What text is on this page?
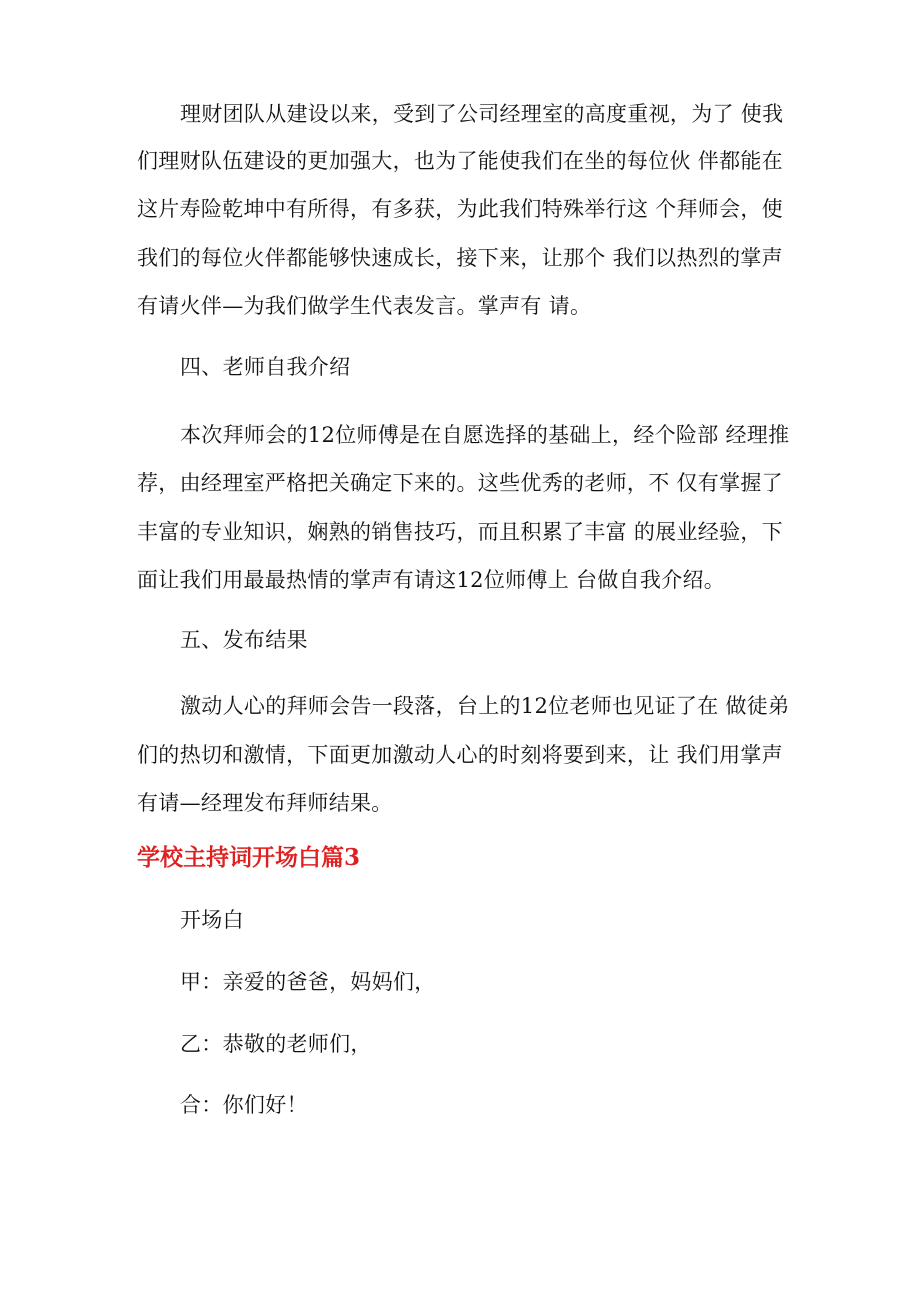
理财团队从建设以来，受到了公司经理室的高度重视，为了 使我
们理财队伍建设的更加强大，也为了能使我们在坐的每位伙 伴都能在
这片寿险乾坤中有所得，有多获，为此我们特殊举行这 个拜师会，使
我们的每位火伴都能够快速成长，接下来，让那个 我们以热烈的掌声
有请火伴—为我们做学生代表发言。掌声有 请。
四、老师自我介绍
本次拜师会的12位师傅是在自愿选择的基础上，经个险部 经理推
荐，由经理室严格把关确定下来的。这些优秀的老师，不 仅有掌握了
丰富的专业知识，娴熟的销售技巧，而且积累了丰富 的展业经验，下
面让我们用最最热情的掌声有请这12位师傅上 台做自我介绍。
五、发布结果
激动人心的拜师会告一段落，台上的12位老师也见证了在 做徒弟
们的热切和激情，下面更加激动人心的时刻将要到来，让 我们用掌声
有请—经理发布拜师结果。
学校主持词开场白篇3
开场白
甲：亲爱的爸爸，妈妈们，
乙：恭敬的老师们，
合：你们好！
